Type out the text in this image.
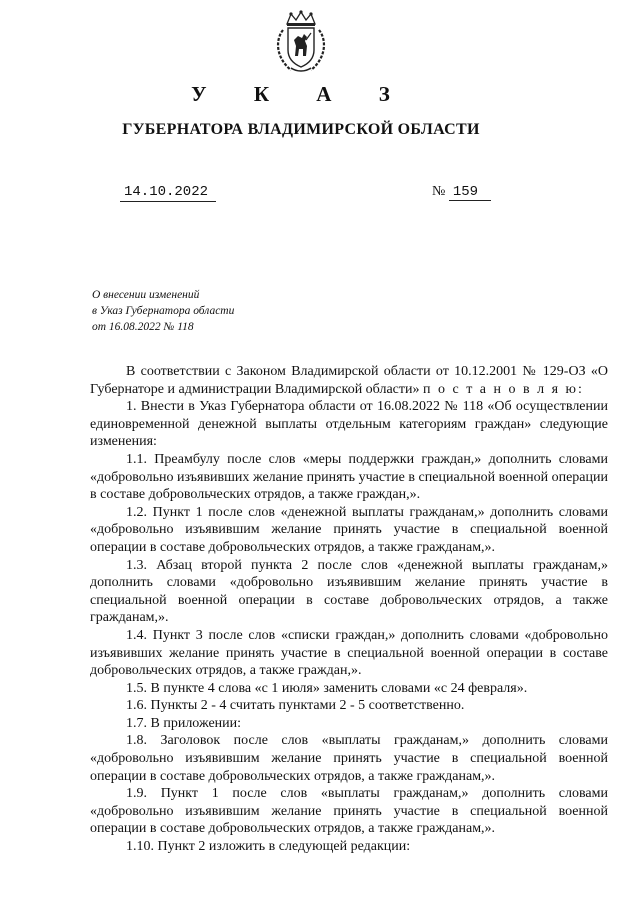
У К А З
ГУБЕРНАТОРА ВЛАДИМИРСКОЙ ОБЛАСТИ
14.10.2022	№ 159
О внесении изменений
в Указ Губернатора области
от 16.08.2022 № 118

В соответствии с Законом Владимирской области от 10.12.2001 № 129-ОЗ «О Губернаторе и администрации Владимирской области» п о с т а н о в л я ю:

1. Внести в Указ Губернатора области от 16.08.2022 № 118 «Об осуществлении единовременной денежной выплаты отдельным категориям граждан» следующие изменения:

1.1. Преамбулу после слов «меры поддержки граждан,» дополнить словами «добровольно изъявивших желание принять участие в специальной военной операции в составе добровольческих отрядов, а также граждан,».

1.2. Пункт 1 после слов «денежной выплаты гражданам,» дополнить словами «добровольно изъявившим желание принять участие в специальной военной операции в составе добровольческих отрядов, а также гражданам,».

1.3. Абзац второй пункта 2 после слов «денежной выплаты гражданам,» дополнить словами «добровольно изъявившим желание принять участие в специальной военной операции в составе добровольческих отрядов, а также гражданам,».

1.4. Пункт 3 после слов «списки граждан,» дополнить словами «добровольно изъявивших желание принять участие в специальной военной операции в составе добровольческих отрядов, а также граждан,».

1.5. В пункте 4 слова «с 1 июля» заменить словами «с 24 февраля».

1.6. Пункты 2 - 4 считать пунктами 2 - 5 соответственно.

1.7. В приложении:

1.8. Заголовок после слов «выплаты гражданам,» дополнить словами «добровольно изъявившим желание принять участие в специальной военной операции в составе добровольческих отрядов, а также гражданам,».

1.9. Пункт 1 после слов «выплаты гражданам,» дополнить словами «добровольно изъявившим желание принять участие в специальной военной операции в составе добровольческих отрядов, а также гражданам,».

1.10. Пункт 2 изложить в следующей редакции:
